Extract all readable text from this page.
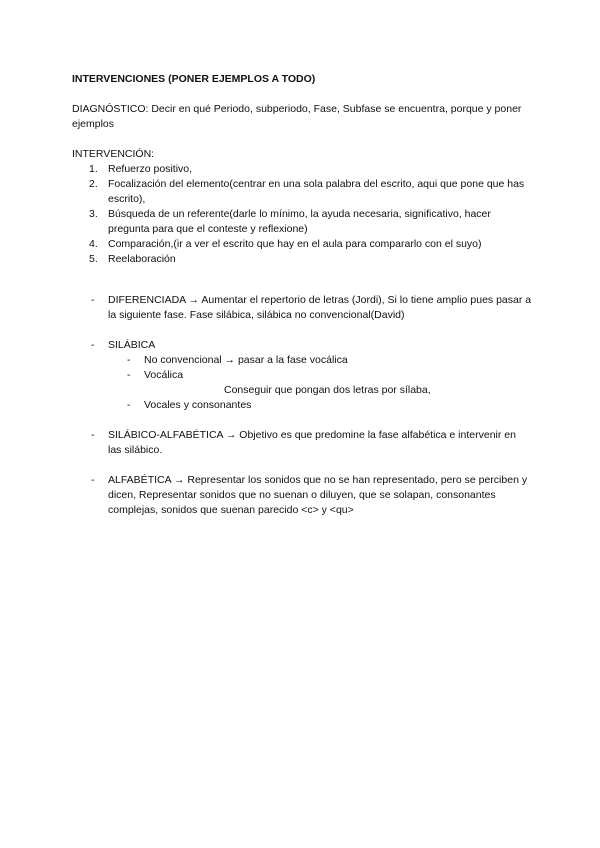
INTERVENCIONES (PONER EJEMPLOS A TODO)

DIAGNÓSTICO: Decir en qué Periodo, subperiodo, Fase, Subfase se encuentra, porque y poner ejemplos

INTERVENCIÓN:

1. Refuerzo positivo,
2. Focalización del elemento(centrar en una sola palabra del escrito, aqui que pone que has escrito),
3. Búsqueda de un referente(darle lo mínimo, la ayuda necesaria, significativo, hacer pregunta para que el conteste y reflexione)
4. Comparación,(ir a ver el escrito que hay en el aula para compararlo con el suyo)
5. Reelaboración
- DIFERENCIADA → Aumentar el repertorio de letras (Jordi), Si lo tiene amplio pues pasar a la siguiente fase. Fase silábica, silábica no convencional(David)
- SILÁBICA
- No convencional → pasar a la fase vocálica
- Vocálica

Conseguir que pongan dos letras por sílaba,

- Vocales y consonantes
- SILÁBICO-ALFABÉTICA → Objetivo es que predomine la fase alfabética e intervenir en las silábico.
- ALFABÉTICA → Representar los sonidos que no se han representado, pero se perciben y dicen, Representar sonidos que no suenan o diluyen, que se solapan, consonantes complejas, sonidos que suenan parecido <c> y <qu>
